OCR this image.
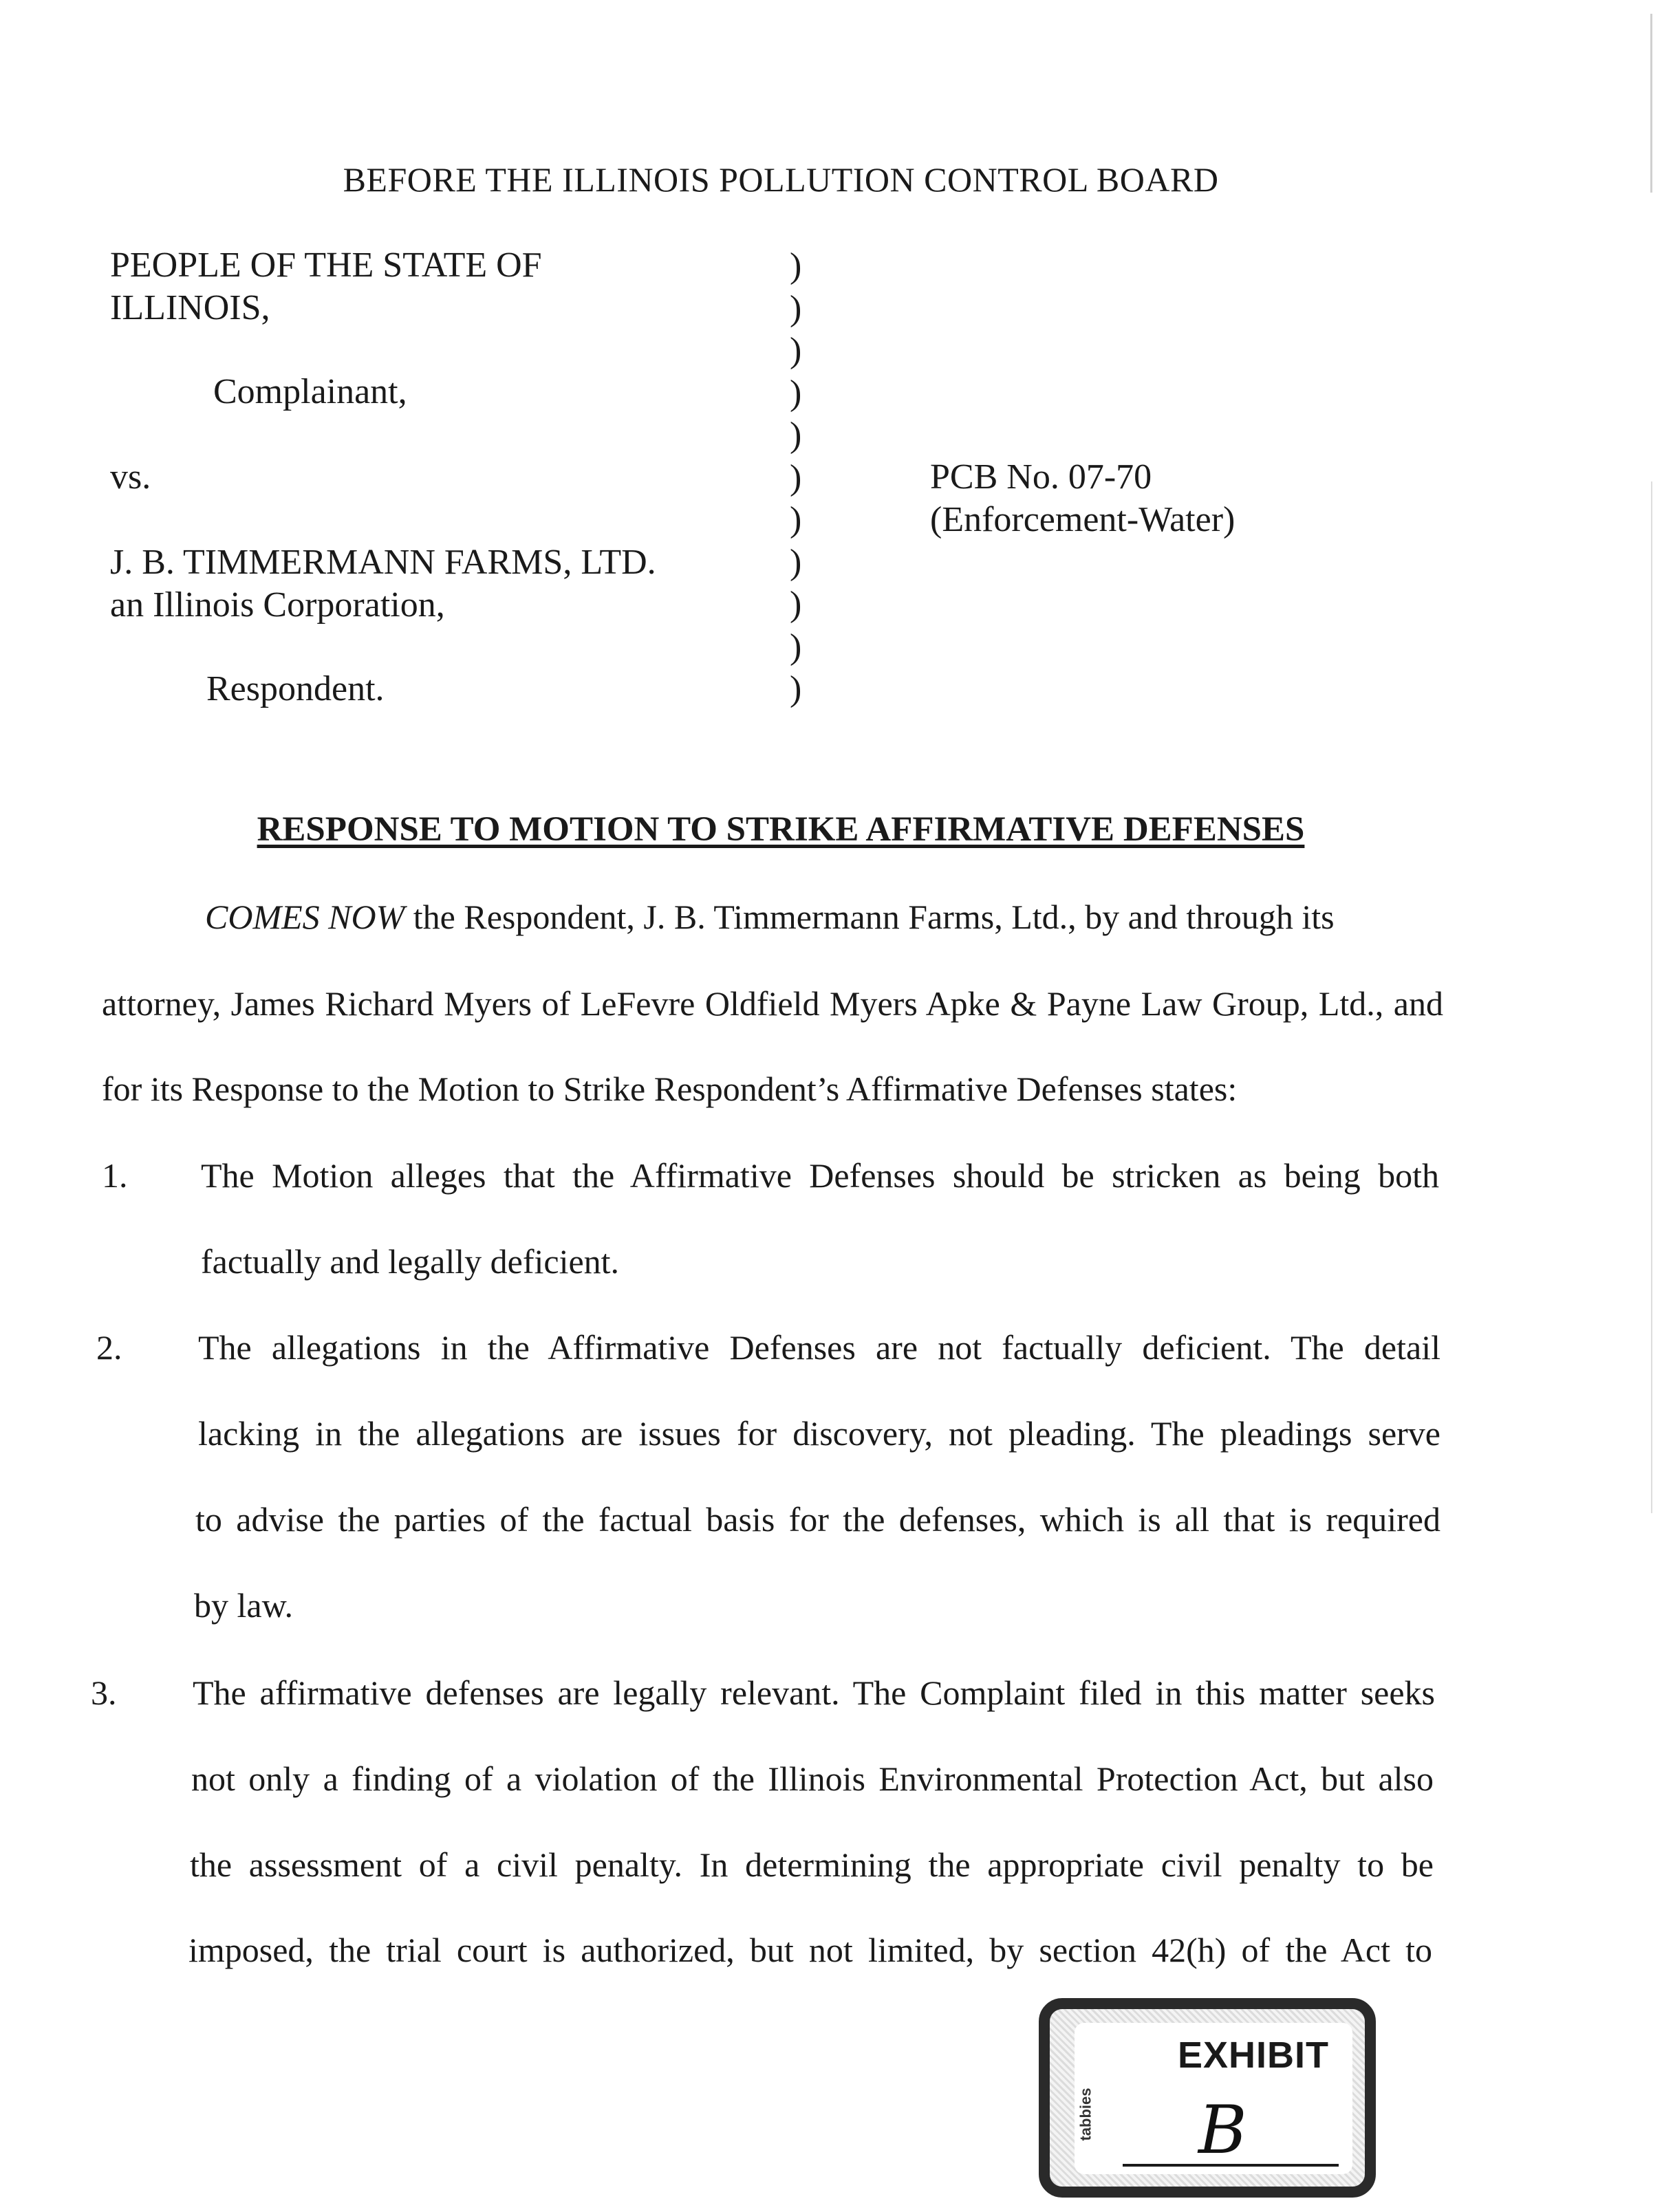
BEFORE THE ILLINOIS POLLUTION CONTROL BOARD
PEOPLE OF THE STATE OF
ILLINOIS,
Complainant,
vs.
J. B. TIMMERMANN FARMS, LTD.
an Illinois Corporation,
Respondent.
)
)
)
)
)
)
)
)
)
)
)
PCB No. 07-70
(Enforcement-Water)
RESPONSE TO MOTION TO STRIKE AFFIRMATIVE DEFENSES
COMES NOW the Respondent, J. B. Timmermann Farms, Ltd., by and through its
attorney, James Richard Myers of LeFevre Oldfield Myers Apke & Payne Law Group, Ltd., and
for its Response to the Motion to Strike Respondent’s Affirmative Defenses states:
1. The Motion alleges that the Affirmative Defenses should be stricken as being both
factually and legally deficient.
2. The allegations in the Affirmative Defenses are not factually deficient. The detail
lacking in the allegations are issues for discovery, not pleading. The pleadings serve
to advise the parties of the factual basis for the defenses, which is all that is required
by law.
3. The affirmative defenses are legally relevant. The Complaint filed in this matter seeks
not only a finding of a violation of the Illinois Environmental Protection Act, but also
the assessment of a civil penalty. In determining the appropriate civil penalty to be
imposed, the trial court is authorized, but not limited, by section 42(h) of the Act to
EXHIBIT
tabbies B
